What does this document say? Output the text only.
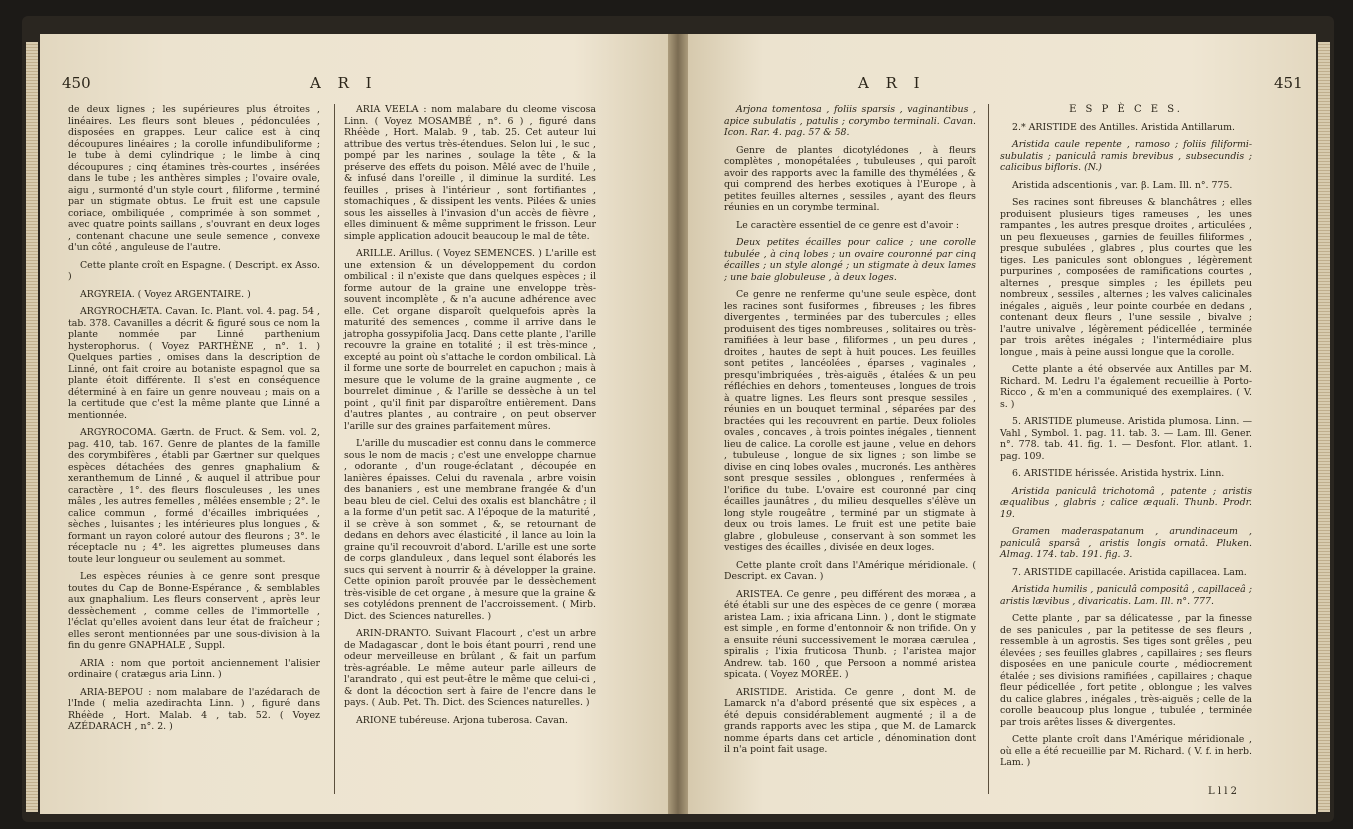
450	A R I

de deux lignes ; les supérieures plus étroites , linéaires. Les fleurs sont bleues , pédonculées , disposées en grappes. Leur calice est à cinq découpures linéaires ; la corolle infundibuliforme ; le tube à demi cylindrique ; le limbe à cinq découpures ; cinq étamines très-courtes , insérées dans le tube ; les anthères simples ; l'ovaire ovale, aigu , surmonté d'un style court , filiforme , terminé par un stigmate obtus. Le fruit est une capsule coriace, ombiliquée , comprimée à son sommet , avec quatre points saillans , s'ouvrant en deux loges , contenant chacune une seule semence , convexe d'un côté , anguleuse de l'autre.

Cette plante croît en Espagne. ( Descript. ex Asso. )

ARGYREIA. ( Voyez ARGENTAIRE. )

ARGYROCHÆTA. Cavan. Ic. Plant. vol. 4. pag. 54 , tab. 378. Cavanilles a décrit & figuré sous ce nom la plante nommée par Linné parthenium hysterophorus. ( Voyez PARTHÈNE , n°. 1. ) Quelques parties , omises dans la description de Linné, ont fait croire au botaniste espagnol que sa plante étoit différente. Il s'est en conséquence déterminé à en faire un genre nouveau ; mais on a la certitude que c'est la même plante que Linné a mentionnée.

ARGYROCOMA. Gærtn. de Fruct. & Sem. vol. 2, pag. 410, tab. 167. Genre de plantes de la famille des corymbifères , établi par Gærtner sur quelques espèces détachées des genres gnaphalium & xeranthemum de Linné , & auquel il attribue pour caractère , 1°. des fleurs flosculeuses , les unes mâles , les autres femelles , mêlées ensemble ; 2°. le calice commun , formé d'écailles imbriquées , sèches , luisantes ; les intérieures plus longues , & formant un rayon coloré autour des fleurons ; 3°. le réceptacle nu ; 4°. les aigrettes plumeuses dans toute leur longueur ou seulement au sommet.

Les espèces réunies à ce genre sont presque toutes du Cap de Bonne-Espérance , & semblables aux gnaphalium. Les fleurs conservent , après leur dessèchement , comme celles de l'immortelle , l'éclat qu'elles avoient dans leur état de fraîcheur ; elles seront mentionnées par une sous-division à la fin du genre GNAPHALE , Suppl.

ARIA : nom que portoit anciennement l'alisier ordinaire ( cratægus aria Linn. )

ARIA-BEPOU : nom malabare de l'azédarach de l'Inde ( melia azedirachta Linn. ) , figuré dans Rhéède , Hort. Malab. 4 , tab. 52. ( Voyez AZÉDARACH , n°. 2. )

ARIA VEELA : nom malabare du cleome viscosa Linn. ( Voyez MOSAMBÉ , n°. 6 ) , figuré dans Rhéède , Hort. Malab. 9 , tab. 25. Cet auteur lui attribue des vertus très-étendues. Selon lui , le suc , pompé par les narines , soulage la tête , & la préserve des effets du poison. Mêlé avec de l'huile , & infusé dans l'oreille , il diminue la surdité. Les feuilles , prises à l'intérieur , sont fortifiantes , stomachiques , & dissipent les vents. Pilées & unies sous les aisselles à l'invasion d'un accès de fièvre , elles diminuent & même suppriment le frisson. Leur simple application adoucit beaucoup le mal de tête.

ARILLE. Arillus. ( Voyez SEMENCES. ) L'arille est une extension & un développement du cordon ombilical : il n'existe que dans quelques espèces ; il forme autour de la graine une enveloppe très-souvent incomplète , & n'a aucune adhérence avec elle. Cet organe disparoît quelquefois après la maturité des semences , comme il arrive dans le jatropha gossypifolia Jacq. Dans cette plante , l'arille recouvre la graine en totalité ; il est très-mince , excepté au point où s'attache le cordon ombilical. Là il forme une sorte de bourrelet en capuchon ; mais à mesure que le volume de la graine augmente , ce bourrelet diminue , & l'arille se dessèche à un tel point , qu'il finit par disparoître entièrement. Dans d'autres plantes , au contraire , on peut observer l'arille sur des graines parfaitement mûres.

L'arille du muscadier est connu dans le commerce sous le nom de macis ; c'est une enveloppe charnue , odorante , d'un rouge-éclatant , découpée en lanières épaisses. Celui du ravenala , arbre voisin des bananiers , est une membrane frangée & d'un beau bleu de ciel. Celui des oxalis est blanchâtre ; il a la forme d'un petit sac. A l'époque de la maturité , il se crève à son sommet , &, se retournant de dedans en dehors avec élasticité , il lance au loin la graine qu'il recouvroit d'abord. L'arille est une sorte de corps glanduleux , dans lequel sont élaborés les sucs qui servent à nourrir & à développer la graine. Cette opinion paroît prouvée par le dessèchement très-visible de cet organe , à mesure que la graine & ses cotylédons prennent de l'accroissement. ( Mirb. Dict. des Sciences naturelles. )

ARIN-DRANTO. Suivant Flacourt , c'est un arbre de Madagascar , dont le bois étant pourri , rend une odeur merveilleuse en brûlant , & fait un parfum très-agréable. Le même auteur parle ailleurs de l'arandrato , qui est peut-être le même que celui-ci , & dont la décoction sert à faire de l'encre dans le pays. ( Aub. Pet. Th. Dict. des Sciences naturelles. )

ARIONE tubéreuse. Arjona tuberosa. Cavan.

A R I	451

Arjona tomentosa , foliis sparsis , vaginantibus , apice subulatis , patulis ; corymbo terminali. Cavan. Icon. Rar. 4. pag. 57 & 58.

Genre de plantes dicotylédones , à fleurs complètes , monopétalées , tubuleuses , qui paroît avoir des rapports avec la famille des thymélées , & qui comprend des herbes exotiques à l'Europe , à petites feuilles alternes , sessiles , ayant des fleurs réunies en un corymbe terminal.

Le caractère essentiel de ce genre est d'avoir :

Deux petites écailles pour calice ; une corolle tubulée , à cinq lobes ; un ovaire couronné par cinq écailles ; un style alongé ; un stigmate à deux lames ; une baie globuleuse , à deux loges.

Ce genre ne renferme qu'une seule espèce, dont les racines sont fusiformes , fibreuses ; les fibres divergentes , terminées par des tubercules ; elles produisent des tiges nombreuses , solitaires ou très-ramifiées à leur base , filiformes , un peu dures , droites , hautes de sept à huit pouces. Les feuilles sont petites , lancéolées , éparses , vaginales , presqu'imbriquées , très-aiguës , étalées & un peu réfléchies en dehors , tomenteuses , longues de trois à quatre lignes. Les fleurs sont presque sessiles , réunies en un bouquet terminal , séparées par des bractées qui les recouvrent en partie. Deux folioles ovales , concaves , à trois pointes inégales , tiennent lieu de calice. La corolle est jaune , velue en dehors , tubuleuse , longue de six lignes ; son limbe se divise en cinq lobes ovales , mucronés. Les anthères sont presque sessiles , oblongues , renfermées à l'orifice du tube. L'ovaire est couronné par cinq écailles jaunâtres , du milieu desquelles s'élève un long style rougeâtre , terminé par un stigmate à deux ou trois lames. Le fruit est une petite baie glabre , globuleuse , conservant à son sommet les vestiges des écailles , divisée en deux loges.

Cette plante croît dans l'Amérique méridionale. ( Descript. ex Cavan. )

ARISTEA. Ce genre , peu différent des moræa , a été établi sur une des espèces de ce genre ( moræa aristea Lam. ; ixia africana Linn. ) , dont le stigmate est simple , en forme d'entonnoir & non trifide. On y a ensuite réuni successivement le moræa cærulea , spiralis ; l'ixia fruticosa Thunb. ; l'aristea major Andrew. tab. 160 , que Persoon a nommé aristea spicata. ( Voyez MORÉE. )

ARISTIDE. Aristida. Ce genre , dont M. de Lamarck n'a d'abord présenté que six espèces , a été depuis considérablement augmenté ; il a de grands rapports avec les stipa , que M. de Lamarck nomme éparts dans cet article , dénomination dont il n'a point fait usage.

E S P È C E S.

2.* ARISTIDE des Antilles. Aristida Antillarum.

Aristida caule repente , ramoso ; foliis filiformi-subulatis ; paniculâ ramis brevibus , subsecundis ; calicibus bifloris. (N.)

Aristida adscentionis , var. β. Lam. Ill. n°. 775.

Ses racines sont fibreuses & blanchâtres ; elles produisent plusieurs tiges rameuses , les unes rampantes , les autres presque droites , articulées , un peu flexueuses , garnies de feuilles filiformes , presque subulées , glabres , plus courtes que les tiges. Les panicules sont oblongues , légèrement purpurines , composées de ramifications courtes , alternes , presque simples ; les épillets peu nombreux , sessiles , alternes ; les valves calicinales inégales , aiguës , leur pointe courbée en dedans , contenant deux fleurs , l'une sessile , bivalve ; l'autre univalve , légèrement pédicellée , terminée par trois arêtes inégales ; l'intermédiaire plus longue , mais à peine aussi longue que la corolle.

Cette plante a été observée aux Antilles par M. Richard. M. Ledru l'a également recueillie à Porto-Ricco , & m'en a communiqué des exemplaires. ( V. s. )

5. ARISTIDE plumeuse. Aristida plumosa. Linn. — Vahl , Symbol. 1. pag. 11. tab. 3. — Lam. Ill. Gener. n°. 778. tab. 41. fig. 1. — Desfont. Flor. atlant. 1. pag. 109.

6. ARISTIDE hérissée. Aristida hystrix. Linn.

Aristida paniculâ trichotomâ , patente ; aristis æqualibus , glabris ; calice æquali. Thunb. Prodr. 19.

Gramen maderaspatanum , arundinaceum , paniculâ sparsâ , aristis longis ornatâ. Pluken. Almag. 174. tab. 191. fig. 3.

7. ARISTIDE capillacée. Aristida capillacea. Lam.

Aristida humilis , paniculâ compositâ , capillaceâ ; aristis lævibus , divaricatis. Lam. Ill. n°. 777.

Cette plante , par sa délicatesse , par la finesse de ses panicules , par la petitesse de ses fleurs , ressemble à un agrostis. Ses tiges sont grêles , peu élevées ; ses feuilles glabres , capillaires ; ses fleurs disposées en une panicule courte , médiocrement étalée ; ses divisions ramifiées , capillaires ; chaque fleur pédicellée , fort petite , oblongue ; les valves du calice glabres , inégales , très-aiguës ; celle de la corolle beaucoup plus longue , tubulée , terminée par trois arêtes lisses & divergentes.

Cette plante croît dans l'Amérique méridionale , où elle a été recueillie par M. Richard. ( V. f. in herb. Lam. )

L l l 2
